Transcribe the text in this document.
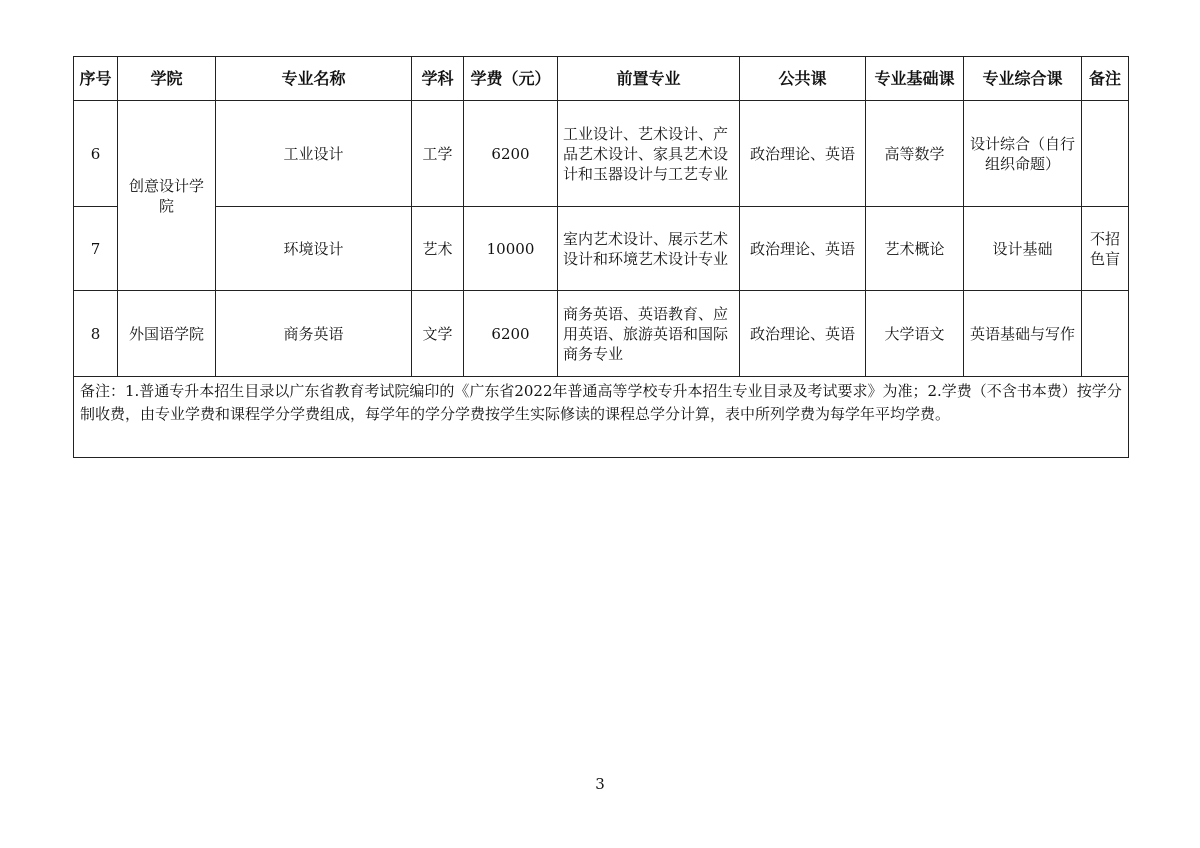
序号	学院	专业名称	学科	学费（元）	前置专业	公共课	专业基础课	专业综合课	备注
6	创意设计学院	工业设计	工学	6200	工业设计、艺术设计、产品艺术设计、家具艺术设计和玉器设计与工艺专业	政治理论、英语	高等数学	设计综合（自行组织命题）	
7		环境设计	艺术	10000	室内艺术设计、展示艺术设计和环境艺术设计专业	政治理论、英语	艺术概论	设计基础	不招色盲
8	外国语学院	商务英语	文学	6200	商务英语、英语教育、应用英语、旅游英语和国际商务专业	政治理论、英语	大学语文	英语基础与写作	
备注：1.普通专升本招生目录以广东省教育考试院编印的《广东省2022年普通高等学校专升本招生专业目录及考试要求》为准；2.学费（不含书本费）按学分制收费，由专业学费和课程学分学费组成，每学年的学分学费按学生实际修读的课程总学分计算，表中所列学费为每学年平均学费。									
3
